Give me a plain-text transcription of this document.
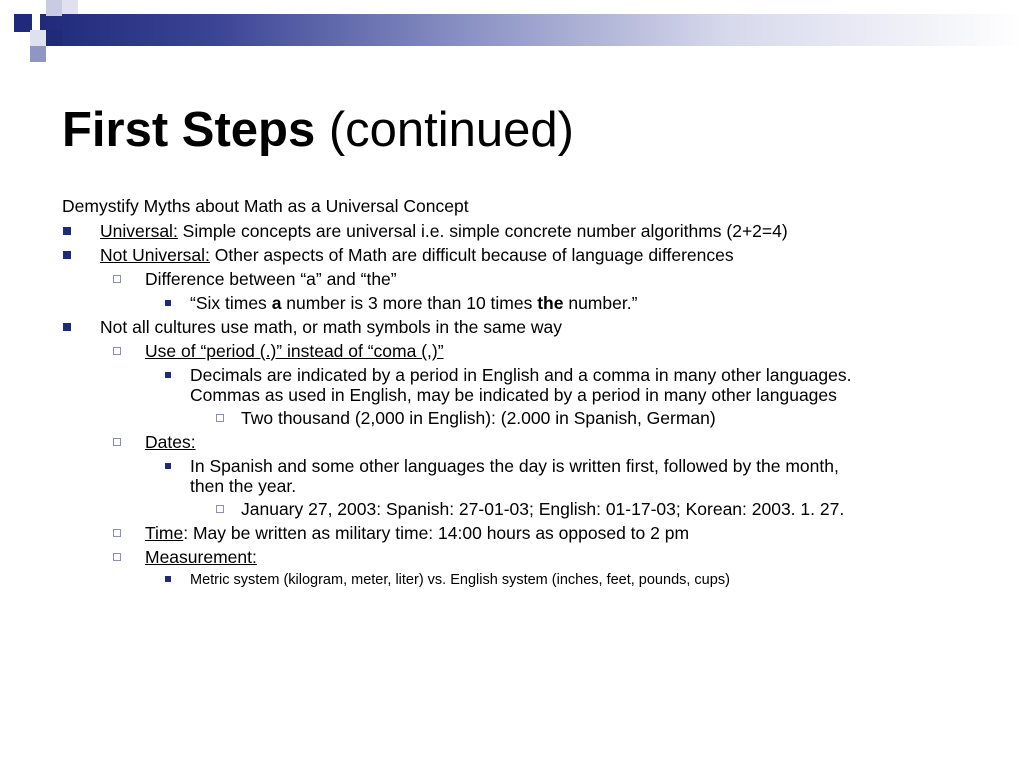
First Steps (continued)
Demystify Myths about Math as a Universal Concept
Universal: Simple concepts are universal i.e. simple concrete number algorithms (2+2=4)
Not Universal: Other aspects of Math are difficult because of language differences
Difference between “a” and “the”
“Six times a number is 3 more than 10 times the number.”
Not all cultures use math, or math symbols in the same way
Use of “period (.)” instead of “coma (,)”
Decimals are indicated by a period in English and a comma in many other languages.
Commas as used in English, may be indicated by a period in many other languages
Two thousand (2,000 in English): (2.000 in Spanish, German)
Dates:
In Spanish and some other languages the day is written first, followed by the month,
then the year.
January 27, 2003: Spanish: 27-01-03; English: 01-17-03; Korean: 2003. 1. 27.
Time: May be written as military time: 14:00 hours as opposed to 2 pm
Measurement:
Metric system (kilogram, meter, liter) vs. English system (inches, feet, pounds, cups)
